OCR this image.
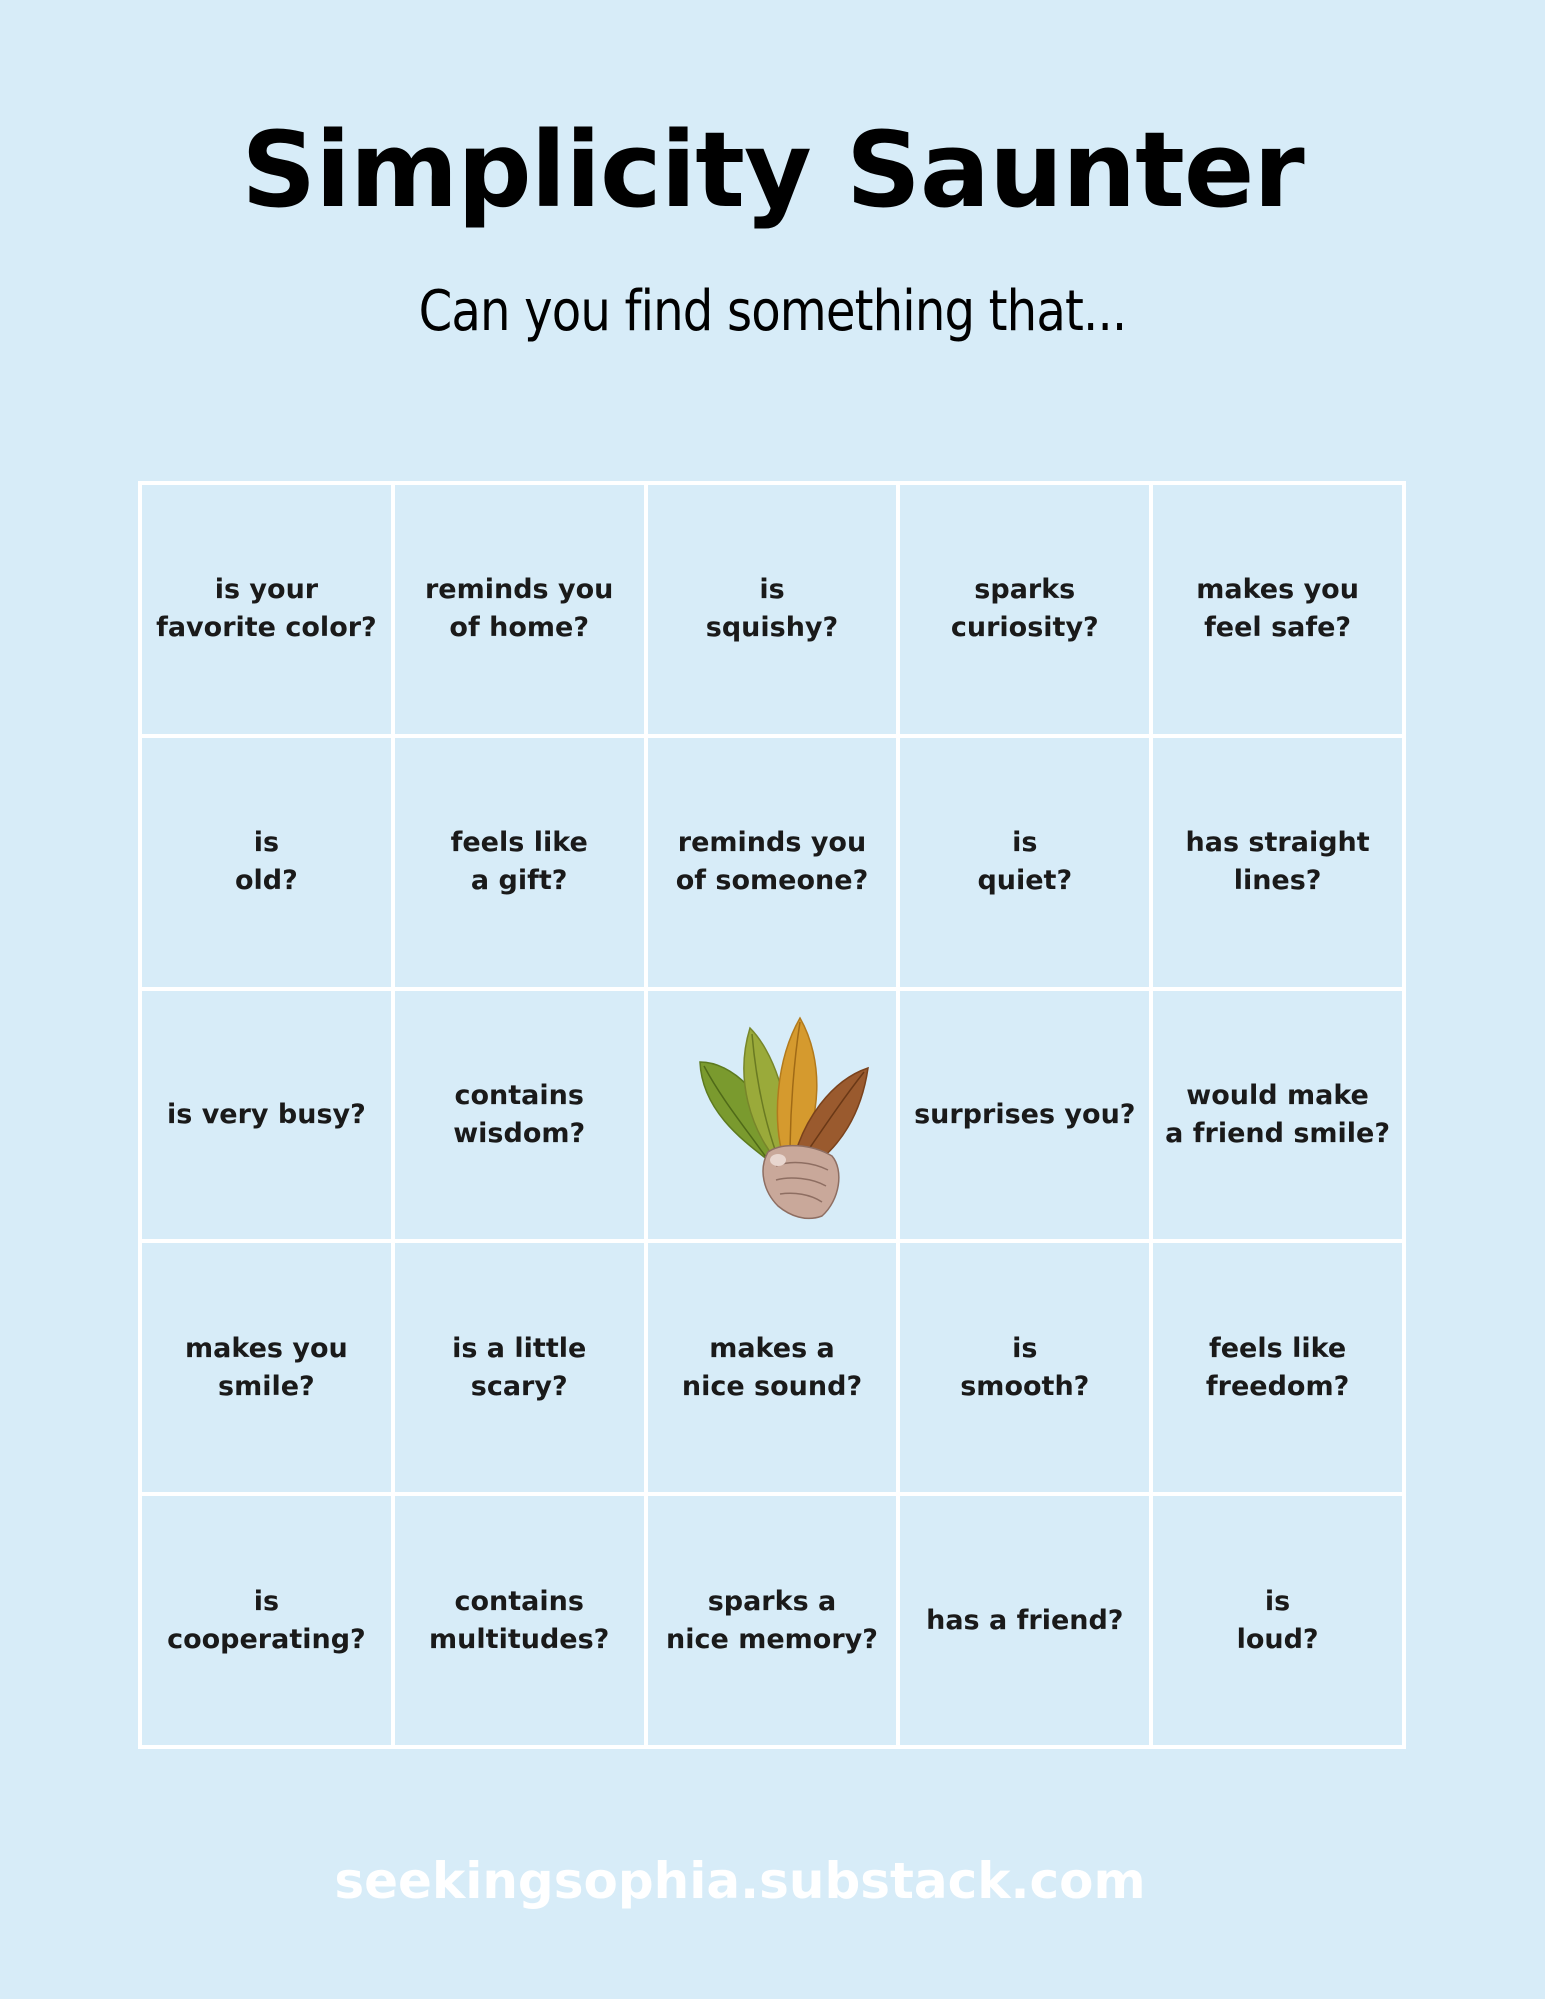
Simplicity Saunter
Can you find something that...
is your
favorite color?
reminds you
of home?
is
squishy?
sparks
curiosity?
makes you
feel safe?
is
old?
feels like
a gift?
reminds you
of someone?
is
quiet?
has straight
lines?
is very busy?
contains
wisdom?
surprises you?
would make
a friend smile?
makes you
smile?
is a little
scary?
makes a
nice sound?
is
smooth?
feels like
freedom?
is cooperating?
contains
multitudes?
sparks a
nice memory?
has a friend?
is
loud?
seekingsophia.substack.com
